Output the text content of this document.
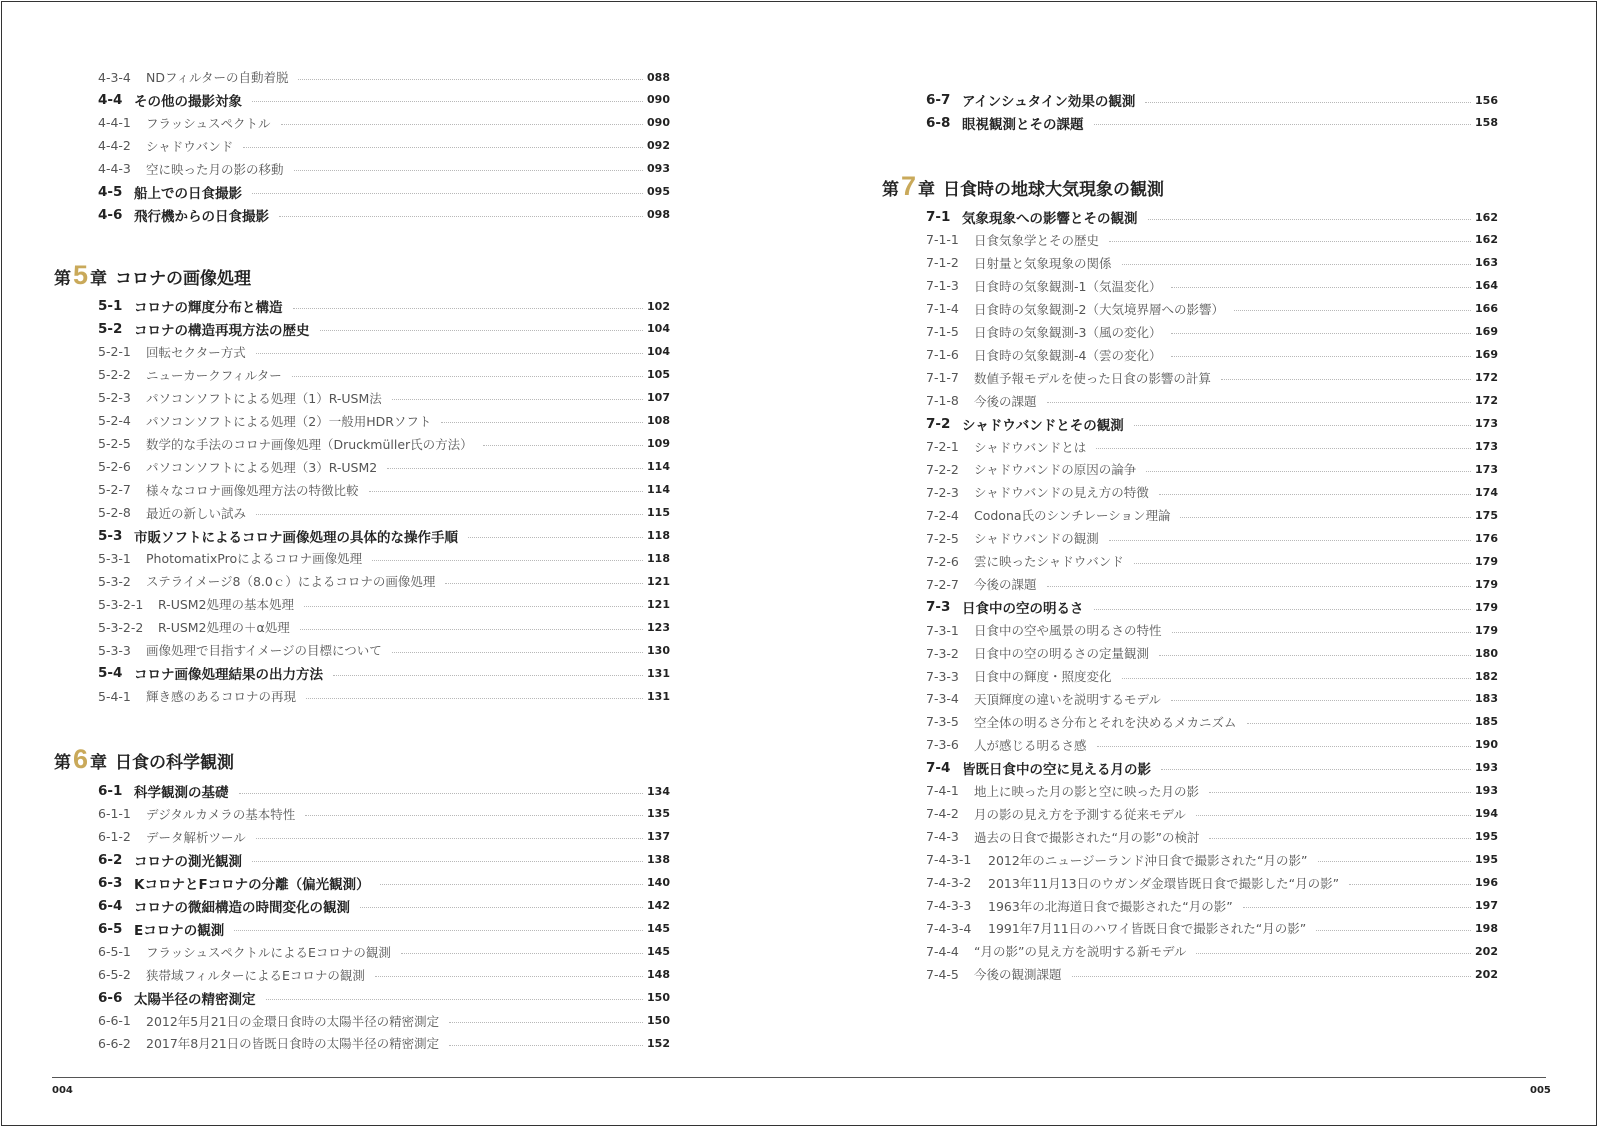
4-3-4	NDフィルターの自動着脱	088
4-4 その他の撮影対象	090
4-4-1	フラッシュスペクトル	090
4-4-2	シャドウバンド	092
4-4-3	空に映った月の影の移動	093
4-5 船上での日食撮影	095
4-6 飛行機からの日食撮影	098
第 5 章 コロナの画像処理
5-1 コロナの輝度分布と構造	102
5-2 コロナの構造再現方法の歴史	104
5-2-1	回転セクター方式	104
5-2-2	ニューカークフィルター	105
5-2-3	パソコンソフトによる処理（1）R-USM法	107
5-2-4	パソコンソフトによる処理（2）一般用HDRソフト	108
5-2-5	数学的な手法のコロナ画像処理（Druckmüller氏の方法）	109
5-2-6	パソコンソフトによる処理（3）R-USM2	114
5-2-7	様々なコロナ画像処理方法の特徴比較	114
5-2-8	最近の新しい試み	115
5-3 市販ソフトによるコロナ画像処理の具体的な操作手順	118
5-3-1	PhotomatixProによるコロナ画像処理	118
5-3-2	ステライメージ8（8.0ｃ）によるコロナの画像処理	121
5-3-2-1	R-USM2処理の基本処理	121
5-3-2-2	R-USM2処理の＋α処理	123
5-3-3	画像処理で目指すイメージの目標について	130
5-4 コロナ画像処理結果の出力方法	131
5-4-1	輝き感のあるコロナの再現	131
第 6 章 日食の科学観測
6-1 科学観測の基礎	134
6-1-1	デジタルカメラの基本特性	135
6-1-2	データ解析ツール	137
6-2 コロナの測光観測	138
6-3 KコロナとFコロナの分離（偏光観測）	140
6-4 コロナの微細構造の時間変化の観測	142
6-5 Eコロナの観測	145
6-5-1	フラッシュスペクトルによるEコロナの観測	145
6-5-2	狭帯域フィルターによるEコロナの観測	148
6-6 太陽半径の精密測定	150
6-6-1	2012年5月21日の金環日食時の太陽半径の精密測定	150
6-6-2	2017年8月21日の皆既日食時の太陽半径の精密測定	152
6-7 アインシュタイン効果の観測	156
6-8 眼視観測とその課題	158
第 7 章 日食時の地球大気現象の観測
7-1 気象現象への影響とその観測	162
7-1-1	日食気象学とその歴史	162
7-1-2	日射量と気象現象の関係	163
7-1-3	日食時の気象観測-1（気温変化）	164
7-1-4	日食時の気象観測-2（大気境界層への影響）	166
7-1-5	日食時の気象観測-3（風の変化）	169
7-1-6	日食時の気象観測-4（雲の変化）	169
7-1-7	数値予報モデルを使った日食の影響の計算	172
7-1-8	今後の課題	172
7-2 シャドウバンドとその観測	173
7-2-1	シャドウバンドとは	173
7-2-2	シャドウバンドの原因の論争	173
7-2-3	シャドウバンドの見え方の特徴	174
7-2-4	Codona氏のシンチレーション理論	175
7-2-5	シャドウバンドの観測	176
7-2-6	雲に映ったシャドウバンド	179
7-2-7	今後の課題	179
7-3 日食中の空の明るさ	179
7-3-1	日食中の空や風景の明るさの特性	179
7-3-2	日食中の空の明るさの定量観測	180
7-3-3	日食中の輝度・照度変化	182
7-3-4	天頂輝度の違いを説明するモデル	183
7-3-5	空全体の明るさ分布とそれを決めるメカニズム	185
7-3-6	人が感じる明るさ感	190
7-4 皆既日食中の空に見える月の影	193
7-4-1	地上に映った月の影と空に映った月の影	193
7-4-2	月の影の見え方を予測する従来モデル	194
7-4-3	過去の日食で撮影された“月の影”の検討	195
7-4-3-1	2012年のニュージーランド沖日食で撮影された“月の影”	195
7-4-3-2	2013年11月13日のウガンダ金環皆既日食で撮影した“月の影”	196
7-4-3-3	1963年の北海道日食で撮影された“月の影”	197
7-4-3-4	1991年7月11日のハワイ皆既日食で撮影された“月の影”	198
7-4-4	“月の影”の見え方を説明する新モデル	202
7-4-5	今後の観測課題	202
004	005
